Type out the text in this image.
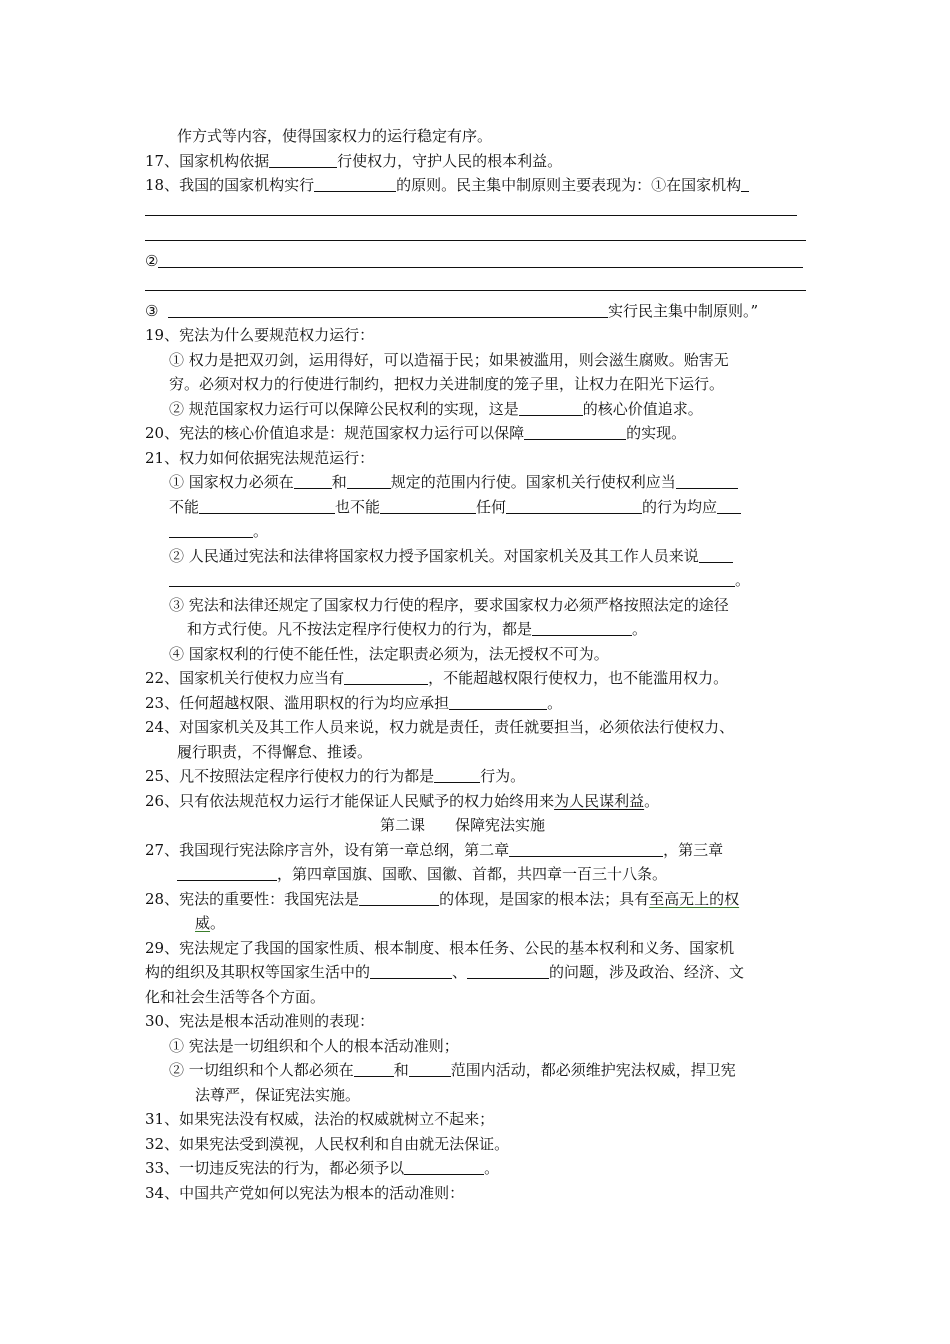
作方式等内容，使得国家权力的运行稳定有序。
17、国家机构依据	行使权力，守护人民的根本利益。
18、我国的国家机构实行	的原则。民主集中制原则主要表现为：①在国家机构
②
③	实行民主集中制原则。”
19、宪法为什么要规范权力运行：
① 权力是把双刃剑，运用得好，可以造福于民；如果被滥用，则会滋生腐败。贻害无
穷。必须对权力的行使进行制约，把权力关进制度的笼子里，让权力在阳光下运行。
② 规范国家权力运行可以保障公民权利的实现，这是	的核心价值追求。
20、宪法的核心价值追求是：规范国家权力运行可以保障	的实现。
21、权力如何依据宪法规范运行：
① 国家权力必须在	和	规定的范围内行使。国家机关行使权利应当
不能	也不能	任何	的行为均应
。
② 人民通过宪法和法律将国家权力授予国家机关。对国家机关及其工作人员来说
。
③ 宪法和法律还规定了国家权力行使的程序，要求国家权力必须严格按照法定的途径
和方式行使。凡不按法定程序行使权力的行为，都是	。
④ 国家权利的行使不能任性，法定职责必须为，法无授权不可为。
22、国家机关行使权力应当有	，不能超越权限行使权力，也不能滥用权力。
23、任何超越权限、滥用职权的行为均应承担	。
24、对国家机关及其工作人员来说，权力就是责任，责任就要担当，必须依法行使权力、
履行职责，不得懈怠、推诿。
25、凡不按照法定程序行使权力的行为都是	行为。
26、只有依法规范权力运行才能保证人民赋予的权力始终用来为人民谋利益。
第二课　　保障宪法实施
27、我国现行宪法除序言外，设有第一章总纲，第二章	，第三章
，第四章国旗、国歌、国徽、首都，共四章一百三十八条。
28、宪法的重要性：我国宪法是	的体现，是国家的根本法；具有至高无上的权
威。
29、宪法规定了我国的国家性质、根本制度、根本任务、公民的基本权利和义务、国家机
构的组织及其职权等国家生活中的	、	的问题，涉及政治、经济、文
化和社会生活等各个方面。
30、宪法是根本活动准则的表现：
① 宪法是一切组织和个人的根本活动准则；
② 一切组织和个人都必须在	和	范围内活动，都必须维护宪法权威，捍卫宪
法尊严，保证宪法实施。
31、如果宪法没有权威，法治的权威就树立不起来；
32、如果宪法受到漠视，人民权利和自由就无法保证。
33、一切违反宪法的行为，都必须予以	。
34、中国共产党如何以宪法为根本的活动准则：
